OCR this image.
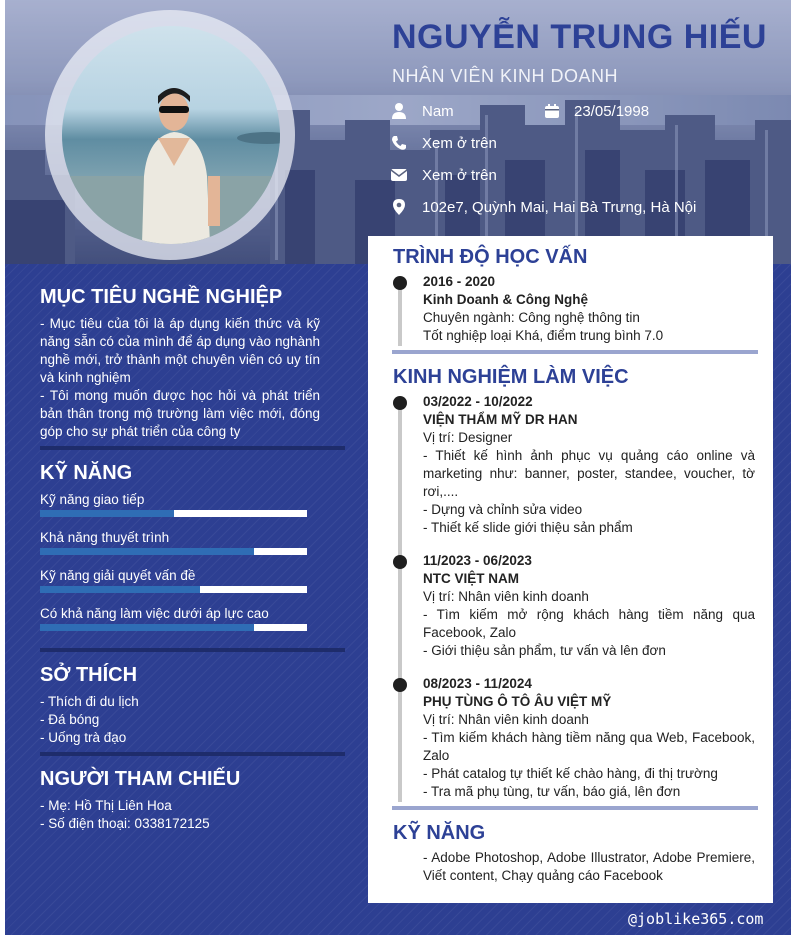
NGUYỄN TRUNG HIẾU
NHÂN VIÊN KINH DOANH
Nam	23/05/1998
Xem ở trên
Xem ở trên
102e7, Quỳnh Mai, Hai Bà Trưng, Hà Nội
MỤC TIÊU NGHỀ NGHIỆP
- Mục tiêu của tôi là áp dụng kiến thức và kỹ năng sẵn có của mình để áp dụng vào nghành nghề mới, trở thành một chuyên viên có uy tín và kinh nghiệm
- Tôi mong muốn được học hỏi và phát triển bản thân trong mộ trường làm việc mới, đóng góp cho sự phát triển của công ty
KỸ NĂNG
Kỹ năng giao tiếp
Khả năng thuyết trình
Kỹ năng giải quyết vấn đề
Có khả năng làm việc dưới áp lực cao
SỞ THÍCH
- Thích đi du lịch
- Đá bóng
- Uống trà đạo
NGƯỜI THAM CHIẾU
- Mẹ: Hồ Thị Liên Hoa
- Số điện thoại: 0338172125
TRÌNH ĐỘ HỌC VẤN
2016 - 2020
Kinh Doanh & Công Nghệ
Chuyên ngành: Công nghệ thông tin
Tốt nghiệp loại Khá, điểm trung bình 7.0
KINH NGHIỆM LÀM VIỆC
03/2022 - 10/2022
VIỆN THẨM MỸ DR HAN
Vị trí: Designer
- Thiết kế hình ảnh phục vụ quảng cáo online và marketing như: banner, poster, standee, voucher, tờ rơi,....
- Dựng và chỉnh sửa video
- Thiết kế slide giới thiệu sản phẩm
11/2023 - 06/2023
NTC VIỆT NAM
Vị trí: Nhân viên kinh doanh
- Tìm kiếm mở rộng khách hàng tiềm năng qua Facebook, Zalo
- Giới thiệu sản phẩm, tư vấn và lên đơn
08/2023 - 11/2024
PHỤ TÙNG Ô TÔ ÂU VIỆT MỸ
Vị trí: Nhân viên kinh doanh
- Tìm kiếm khách hàng tiềm năng qua Web, Facebook, Zalo
- Phát catalog tự thiết kế chào hàng, đi thị trường
- Tra mã phụ tùng, tư vấn, báo giá, lên đơn
KỸ NĂNG
- Adobe Photoshop, Adobe Illustrator, Adobe Premiere, Viết content, Chạy quảng cáo Facebook
@joblike365.com
